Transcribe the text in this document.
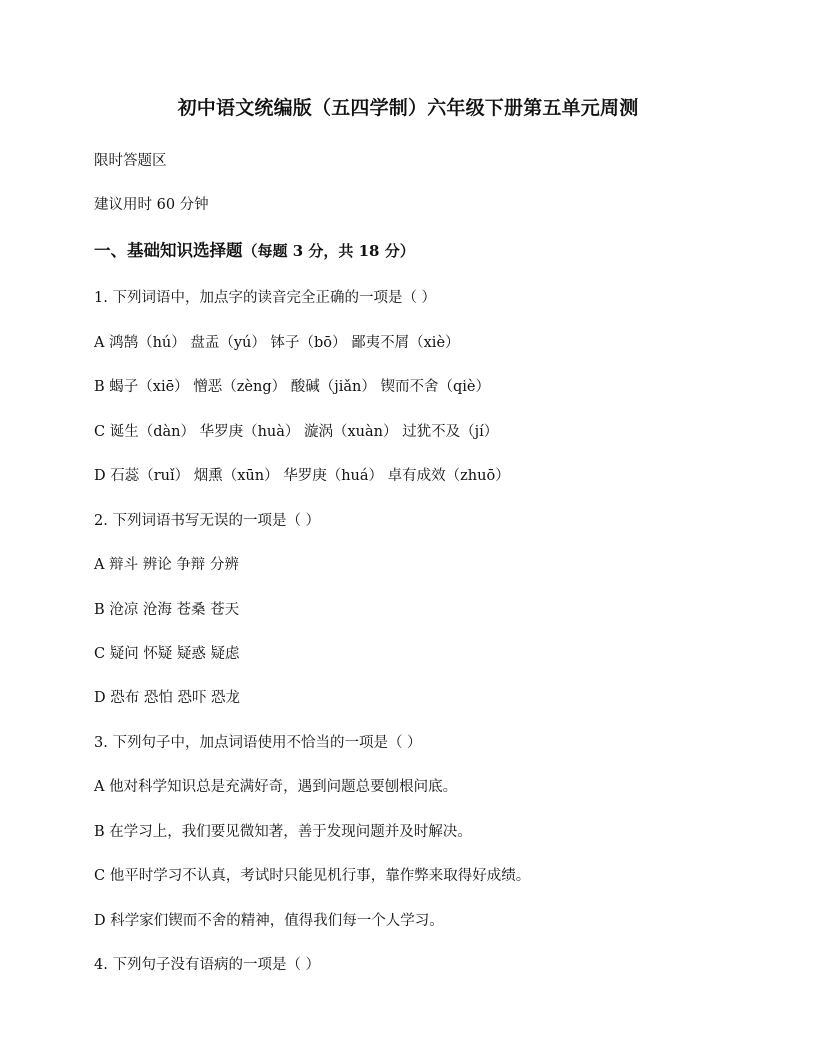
初中语文统编版（五四学制）六年级下册第五单元周测
限时答题区
建议用时 60 分钟
一、基础知识选择题（每题 3 分，共 18 分）
1. 下列词语中，加点字的读音完全正确的一项是（ ）
A 鸿鹄（hú） 盘盂（yú） 钵子（bō） 鄙夷不屑（xiè）
B 蝎子（xiē） 憎恶（zèng） 酸碱（jiǎn） 锲而不舍（qiè）
C 诞生（dàn） 华罗庚（huà） 漩涡（xuàn） 过犹不及（jí）
D 石蕊（ruǐ） 烟熏（xūn） 华罗庚（huá） 卓有成效（zhuō）
2. 下列词语书写无误的一项是（ ）
A 辩斗 辨论 争辩 分辨
B 沧凉 沧海 苍桑 苍天
C 疑问 怀疑 疑惑 疑虑
D 恐布 恐怕 恐吓 恐龙
3. 下列句子中，加点词语使用不恰当的一项是（ ）
A 他对科学知识总是充满好奇，遇到问题总要刨根问底。
B 在学习上，我们要见微知著，善于发现问题并及时解决。
C 他平时学习不认真，考试时只能见机行事，靠作弊来取得好成绩。
D 科学家们锲而不舍的精神，值得我们每一个人学习。
4. 下列句子没有语病的一项是（ ）
